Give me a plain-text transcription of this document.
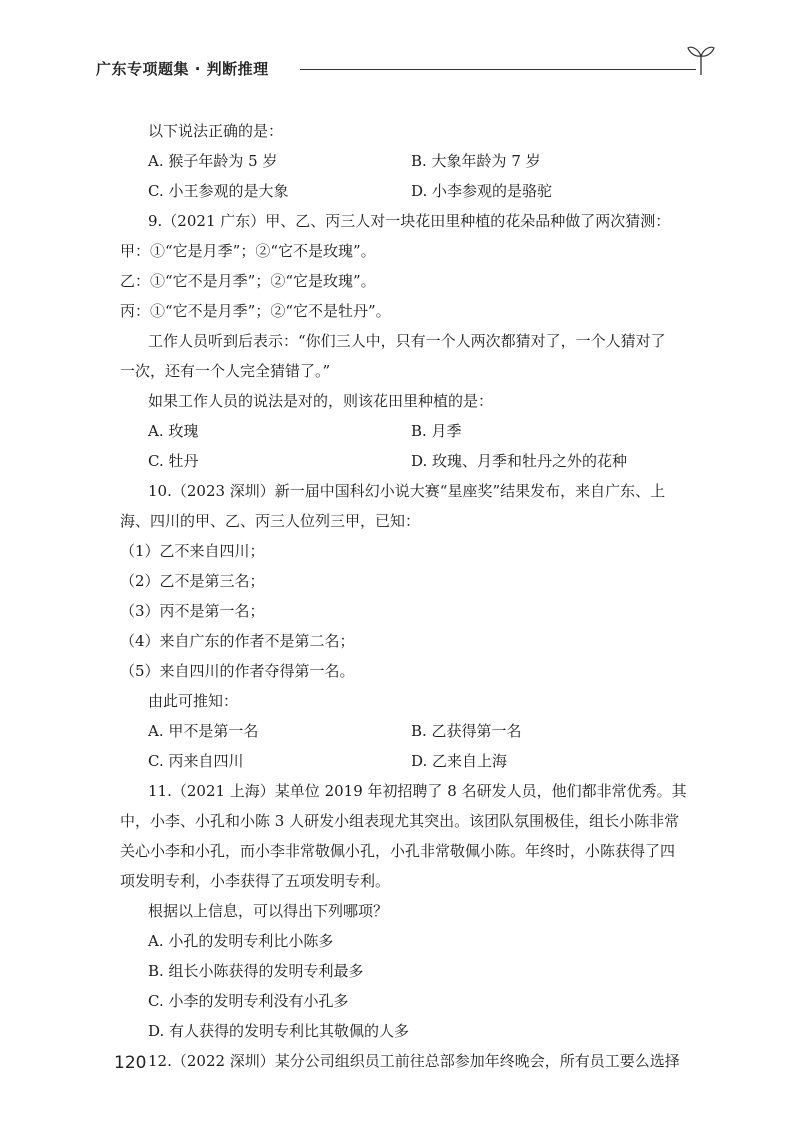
广东专项题集 · 判断推理
以下说法正确的是：
A. 猴子年龄为 5 岁	B. 大象年龄为 7 岁
C. 小王参观的是大象	D. 小李参观的是骆驼
9.（2021 广东）甲、乙、丙三人对一块花田里种植的花朵品种做了两次猜测：
甲：①“它是月季”；②“它不是玫瑰”。
乙：①“它不是月季”；②“它是玫瑰”。
丙：①“它不是月季”；②“它不是牡丹”。
工作人员听到后表示：“你们三人中，只有一个人两次都猜对了，一个人猜对了
一次，还有一个人完全猜错了。”
如果工作人员的说法是对的，则该花田里种植的是：
A. 玫瑰	B. 月季
C. 牡丹	D. 玫瑰、月季和牡丹之外的花种
10.（2023 深圳）新一届中国科幻小说大赛“星座奖”结果发布，来自广东、上
海、四川的甲、乙、丙三人位列三甲，已知：
（1）乙不来自四川；
（2）乙不是第三名；
（3）丙不是第一名；
（4）来自广东的作者不是第二名；
（5）来自四川的作者夺得第一名。
由此可推知：
A. 甲不是第一名	B. 乙获得第一名
C. 丙来自四川	D. 乙来自上海
11.（2021 上海）某单位 2019 年初招聘了 8 名研发人员，他们都非常优秀。其
中，小李、小孔和小陈 3 人研发小组表现尤其突出。该团队氛围极佳，组长小陈非常
关心小李和小孔，而小李非常敬佩小孔，小孔非常敬佩小陈。年终时，小陈获得了四
项发明专利，小李获得了五项发明专利。
根据以上信息，可以得出下列哪项？
A. 小孔的发明专利比小陈多
B. 组长小陈获得的发明专利最多
C. 小李的发明专利没有小孔多
D. 有人获得的发明专利比其敬佩的人多
12.（2022 深圳）某分公司组织员工前往总部参加年终晚会，所有员工要么选择
120
